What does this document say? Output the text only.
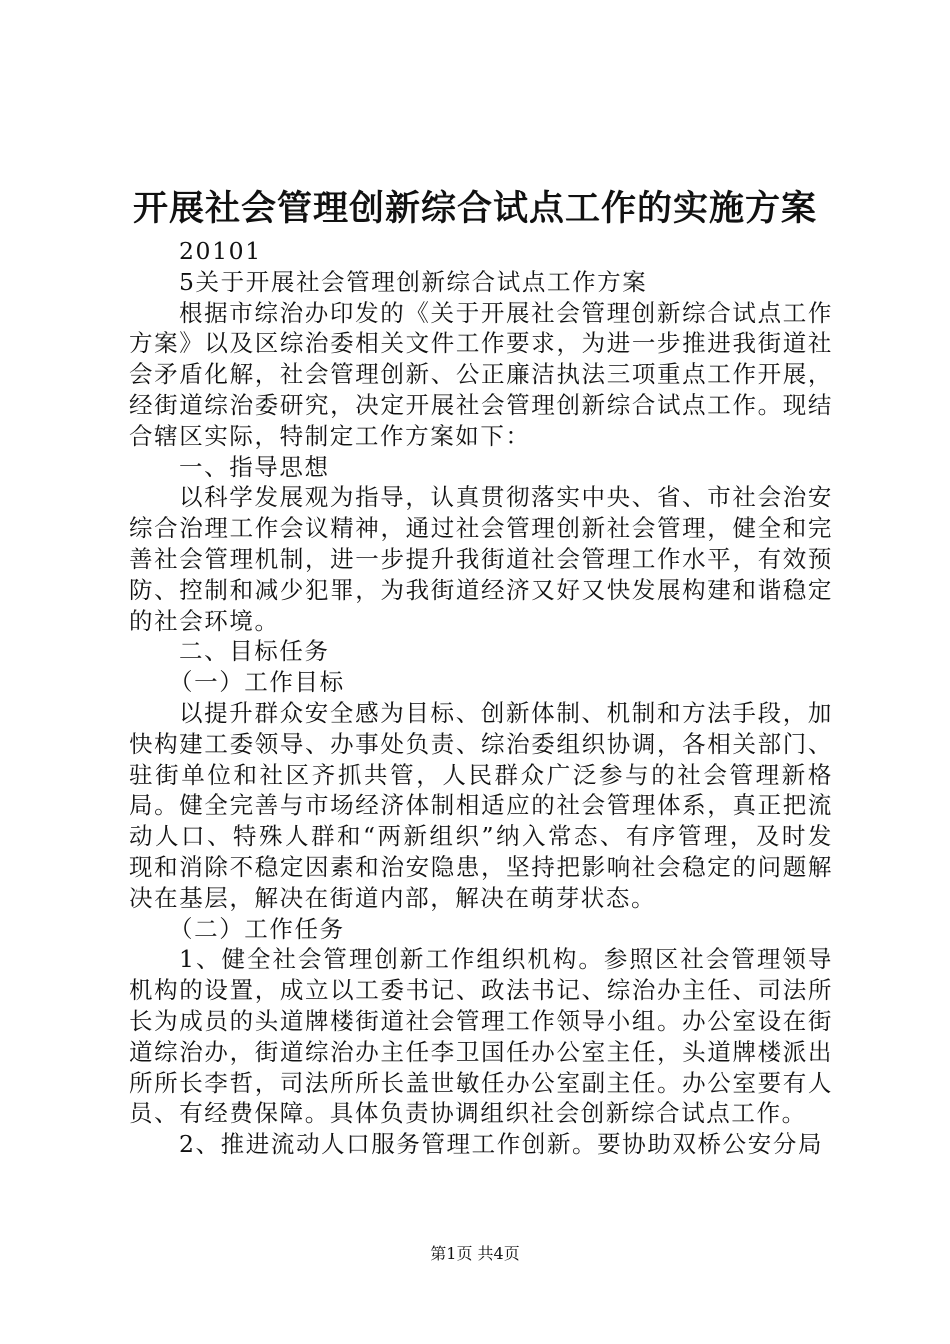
开展社会管理创新综合试点工作的实施方案

20101

5关于开展社会管理创新综合试点工作方案

根据市综治办印发的《关于开展社会管理创新综合试点工作方案》以及区综治委相关文件工作要求，为进一步推进我街道社会矛盾化解，社会管理创新、公正廉洁执法三项重点工作开展，经街道综治委研究，决定开展社会管理创新综合试点工作。现结合辖区实际，特制定工作方案如下：

一、指导思想

以科学发展观为指导，认真贯彻落实中央、省、市社会治安综合治理工作会议精神，通过社会管理创新社会管理，健全和完善社会管理机制，进一步提升我街道社会管理工作水平，有效预防、控制和减少犯罪，为我街道经济又好又快发展构建和谐稳定的社会环境。

二、目标任务

（一）工作目标

以提升群众安全感为目标、创新体制、机制和方法手段，加快构建工委领导、办事处负责、综治委组织协调，各相关部门、驻街单位和社区齐抓共管，人民群众广泛参与的社会管理新格局。健全完善与市场经济体制相适应的社会管理体系，真正把流动人口、特殊人群和“两新组织”纳入常态、有序管理，及时发现和消除不稳定因素和治安隐患，坚持把影响社会稳定的问题解决在基层，解决在街道内部，解决在萌芽状态。

（二）工作任务

1、健全社会管理创新工作组织机构。参照区社会管理领导机构的设置，成立以工委书记、政法书记、综治办主任、司法所长为成员的头道牌楼街道社会管理工作领导小组。办公室设在街道综治办，街道综治办主任李卫国任办公室主任，头道牌楼派出所所长李哲，司法所所长盖世敏任办公室副主任。办公室要有人员、有经费保障。具体负责协调组织社会创新综合试点工作。

2、推进流动人口服务管理工作创新。要协助双桥公安分局

第1页 共4页
